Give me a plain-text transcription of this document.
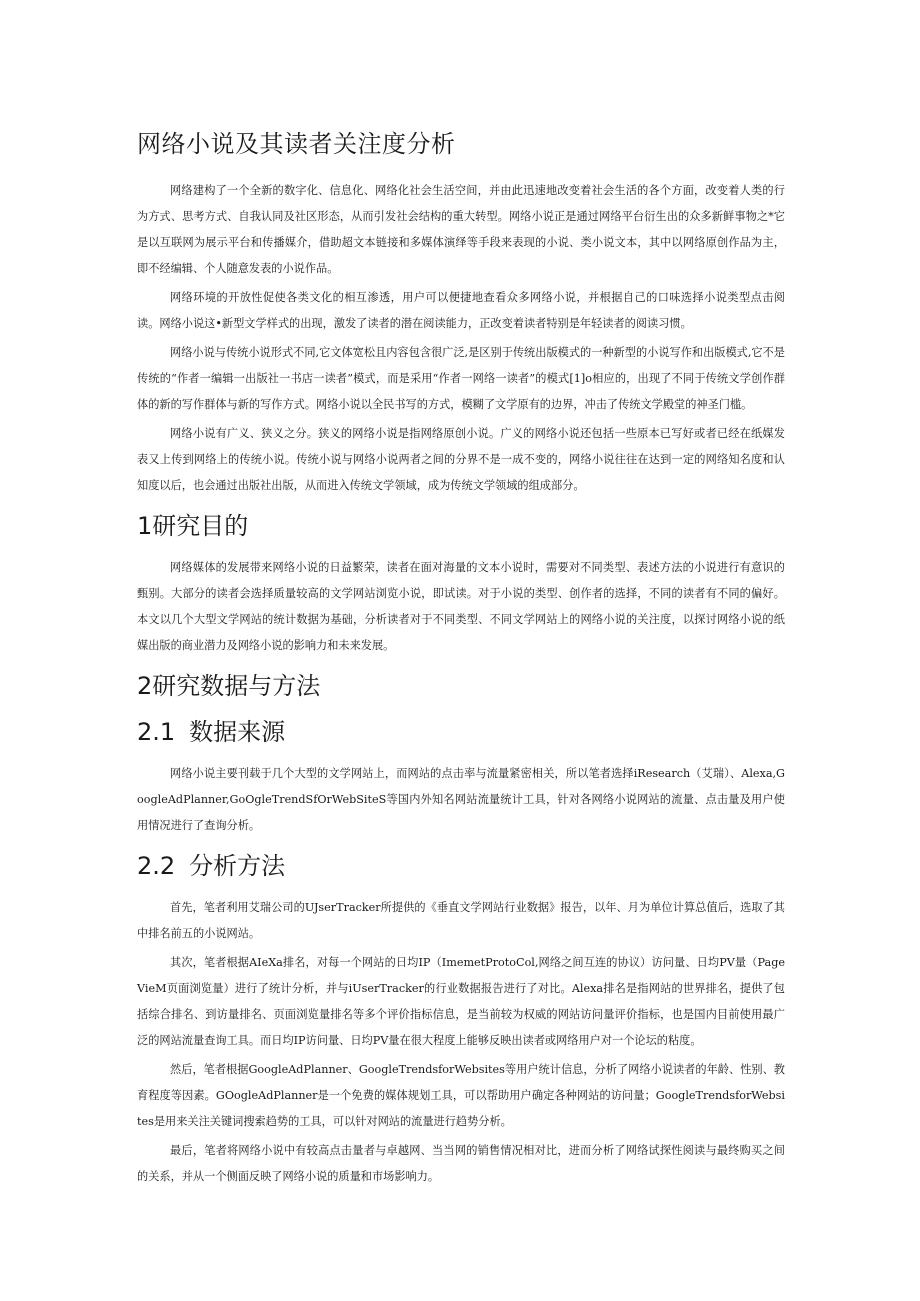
网络小说及其读者关注度分析

网络建构了一个全新的数字化、信息化、网络化社会生活空间，并由此迅速地改变着社会生活的各个方面，改变着人类的行为方式、思考方式、自我认同及社区形态，从而引发社会结构的重大转型。网络小说正是通过网络平台衍生出的众多新鲜事物之*它是以互联网为展示平台和传播媒介，借助超文本链接和多媒体演绎等手段来表现的小说、类小说文本，其中以网络原创作品为主，即不经编辑、个人随意发表的小说作品。

网络环境的开放性促使各类文化的相互渗透，用户可以便捷地查看众多网络小说，并根据自己的口味选择小说类型点击阅读。网络小说这•新型文学样式的出现，激发了读者的潜在阅读能力，正改变着读者特别是年轻读者的阅读习惯。

网络小说与传统小说形式不同,它文体宽松且内容包含很广泛,是区别于传统出版模式的一种新型的小说写作和出版模式,它不是传统的“作者一编辑一出版社一书店一读者”模式，而是采用“作者一网络一读者”的模式[1]o相应的，出现了不同于传统文学创作群体的新的写作群体与新的写作方式。网络小说以全民书写的方式，模糊了文学原有的边界，冲击了传统文学殿堂的神圣门槛。

网络小说有广义、狭义之分。狭义的网络小说是指网络原创小说。广义的网络小说还包括一些原本已写好或者已经在纸媒发表又上传到网络上的传统小说。传统小说与网络小说两者之间的分界不是一成不变的，网络小说往往在达到一定的网络知名度和认知度以后，也会通过出版社出版，从而进入传统文学领域，成为传统文学领域的组成部分。

1研究目的

网络媒体的发展带来网络小说的日益繁荣，读者在面对海量的文本小说时，需要对不同类型、表述方法的小说进行有意识的甄别。大部分的读者会选择质量较高的文学网站浏览小说，即试读。对于小说的类型、创作者的选择，不同的读者有不同的偏好。本文以几个大型文学网站的统计数据为基础，分析读者对于不同类型、不同文学网站上的网络小说的关注度，以探讨网络小说的纸媒出版的商业潜力及网络小说的影响力和未来发展。

2研究数据与方法
2.1 数据来源

网络小说主要刊载于几个大型的文学网站上，而网站的点击率与流量紧密相关，所以笔者选择iResearch（艾瑞）、Alexa,GoogleAdPlanner,GoOgleTrendSfOrWebSiteS等国内外知名网站流量统计工具，针对各网络小说网站的流量、点击量及用户使用情况进行了查询分析。

2.2 分析方法

首先，笔者利用艾瑞公司的UJserTracker所提供的《垂直文学网站行业数据》报告，以年、月为单位计算总值后，选取了其中排名前五的小说网站。

其次，笔者根据AIeXa排名，对每一个网站的日均IP（ImemetProtoCol,网络之间互连的协议）访问量、日均PV量（PageVieM页面浏览量）进行了统计分析，并与iUserTracker的行业数据报告进行了对比。Alexa排名是指网站的世界排名，提供了包括综合排名、到访量排名、页面浏览量排名等多个评价指标信息，是当前较为权威的网站访问量评价指标，也是国内目前使用最广泛的网站流量查询工具。而日均IP访问量、日均PV量在很大程度上能够反映出读者或网络用户对一个论坛的粘度。

然后，笔者根据GoogleAdPlanner、GoogleTrendsforWebsites等用户统计信息，分析了网络小说读者的年龄、性别、教育程度等因素。GOogleAdPlanner是一个免费的媒体规划工具，可以帮助用户确定各种网站的访问量；GoogleTrendsforWebsites是用来关注关键词搜索趋势的工具，可以针对网站的流量进行趋势分析。

最后，笔者将网络小说中有较高点击量者与卓越网、当当网的销售情况相对比，进而分析了网络试探性阅读与最终购买之间的关系，并从一个侧面反映了网络小说的质量和市场影响力。
